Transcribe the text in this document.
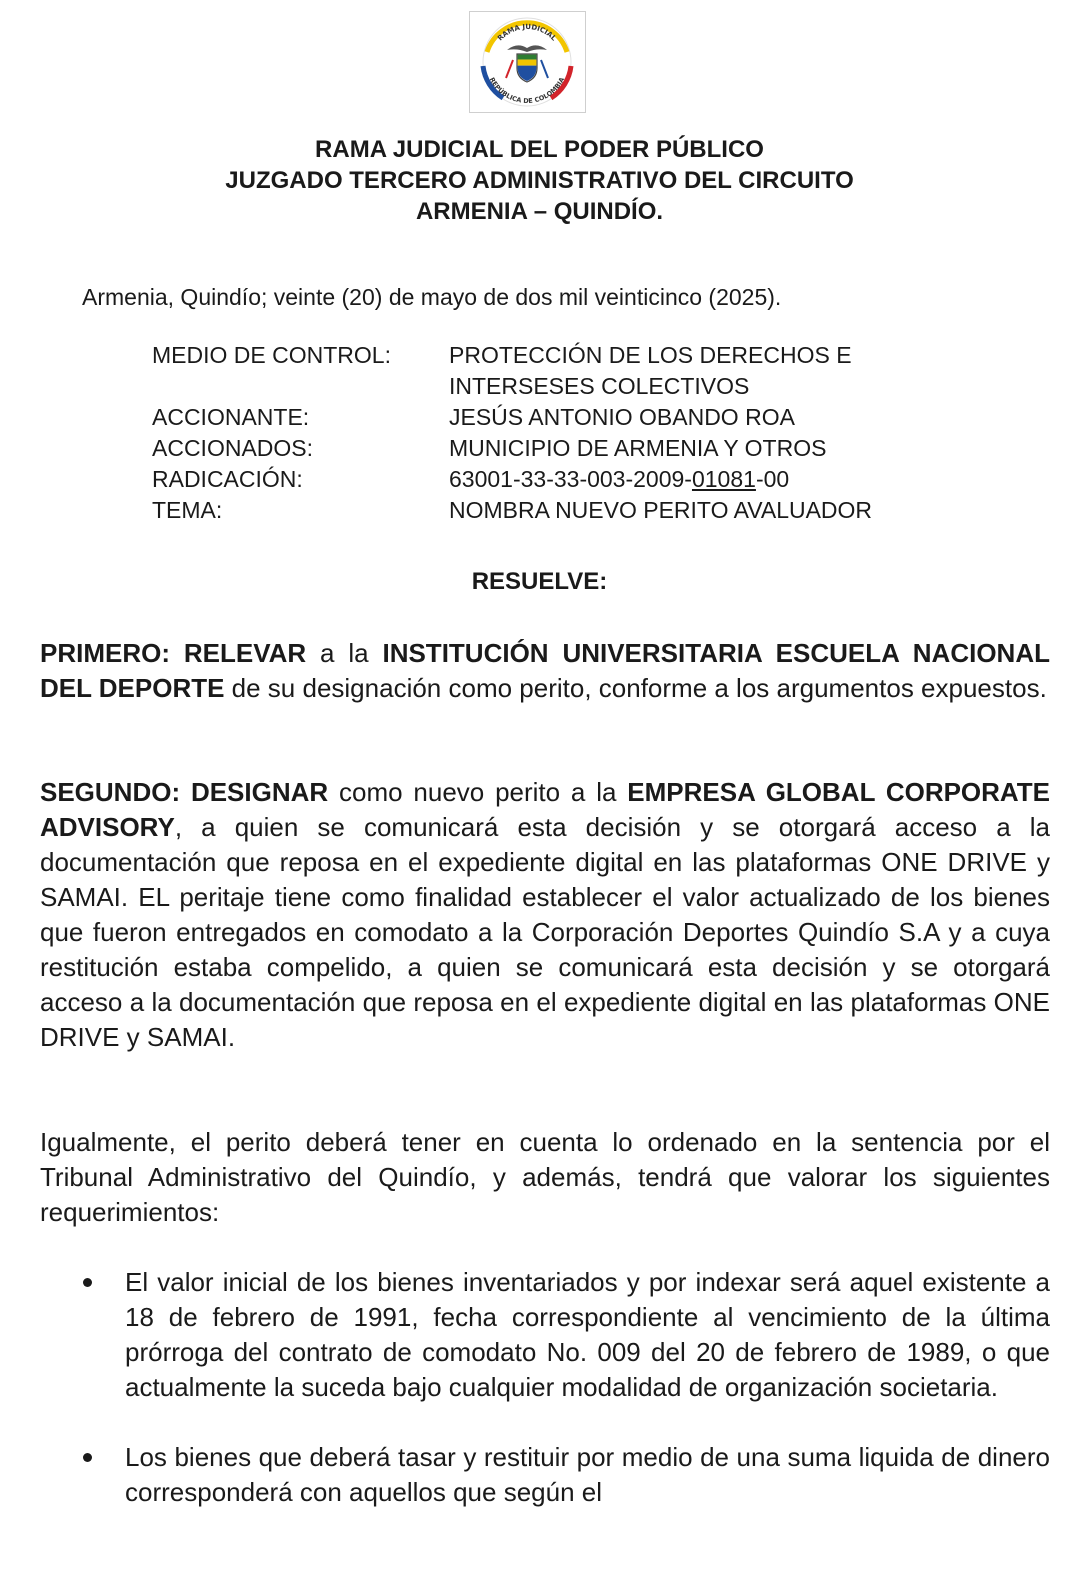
RAMA JUDICIAL
REPÚBLICA DE COLOMBIA
RAMA JUDICIAL DEL PODER PÚBLICO
JUZGADO TERCERO ADMINISTRATIVO DEL CIRCUITO
ARMENIA – QUINDÍO.
Armenia, Quindío; veinte (20) de mayo de dos mil veinticinco (2025).
MEDIO DE CONTROL:	PROTECCIÓN DE LOS DERECHOS E INTERSESES COLECTIVOS
ACCIONANTE:	JESÚS ANTONIO OBANDO ROA
ACCIONADOS:	MUNICIPIO DE ARMENIA Y OTROS
RADICACIÓN:	63001-33-33-003-2009-01081-00
TEMA:	NOMBRA NUEVO PERITO AVALUADOR
RESUELVE:
PRIMERO: RELEVAR a la INSTITUCIÓN UNIVERSITARIA ESCUELA NACIONAL DEL DEPORTE de su designación como perito, conforme a los argumentos expuestos.
SEGUNDO: DESIGNAR como nuevo perito a la EMPRESA GLOBAL CORPORATE ADVISORY, a quien se comunicará esta decisión y se otorgará acceso a la documentación que reposa en el expediente digital en las plataformas ONE DRIVE y SAMAI. EL peritaje tiene como finalidad establecer el valor actualizado de los bienes que fueron entregados en comodato a la Corporación Deportes Quindío S.A y a cuya restitución estaba compelido, a quien se comunicará esta decisión y se otorgará acceso a la documentación que reposa en el expediente digital en las plataformas ONE DRIVE y SAMAI.
Igualmente, el perito deberá tener en cuenta lo ordenado en la sentencia por el Tribunal Administrativo del Quindío, y además, tendrá que valorar los siguientes requerimientos:
El valor inicial de los bienes inventariados y por indexar será aquel existente a 18 de febrero de 1991, fecha correspondiente al vencimiento de la última prórroga del contrato de comodato No. 009 del 20 de febrero de 1989, o que actualmente la suceda bajo cualquier modalidad de organización societaria.
Los bienes que deberá tasar y restituir por medio de una suma liquida de dinero corresponderá con aquellos que según el
